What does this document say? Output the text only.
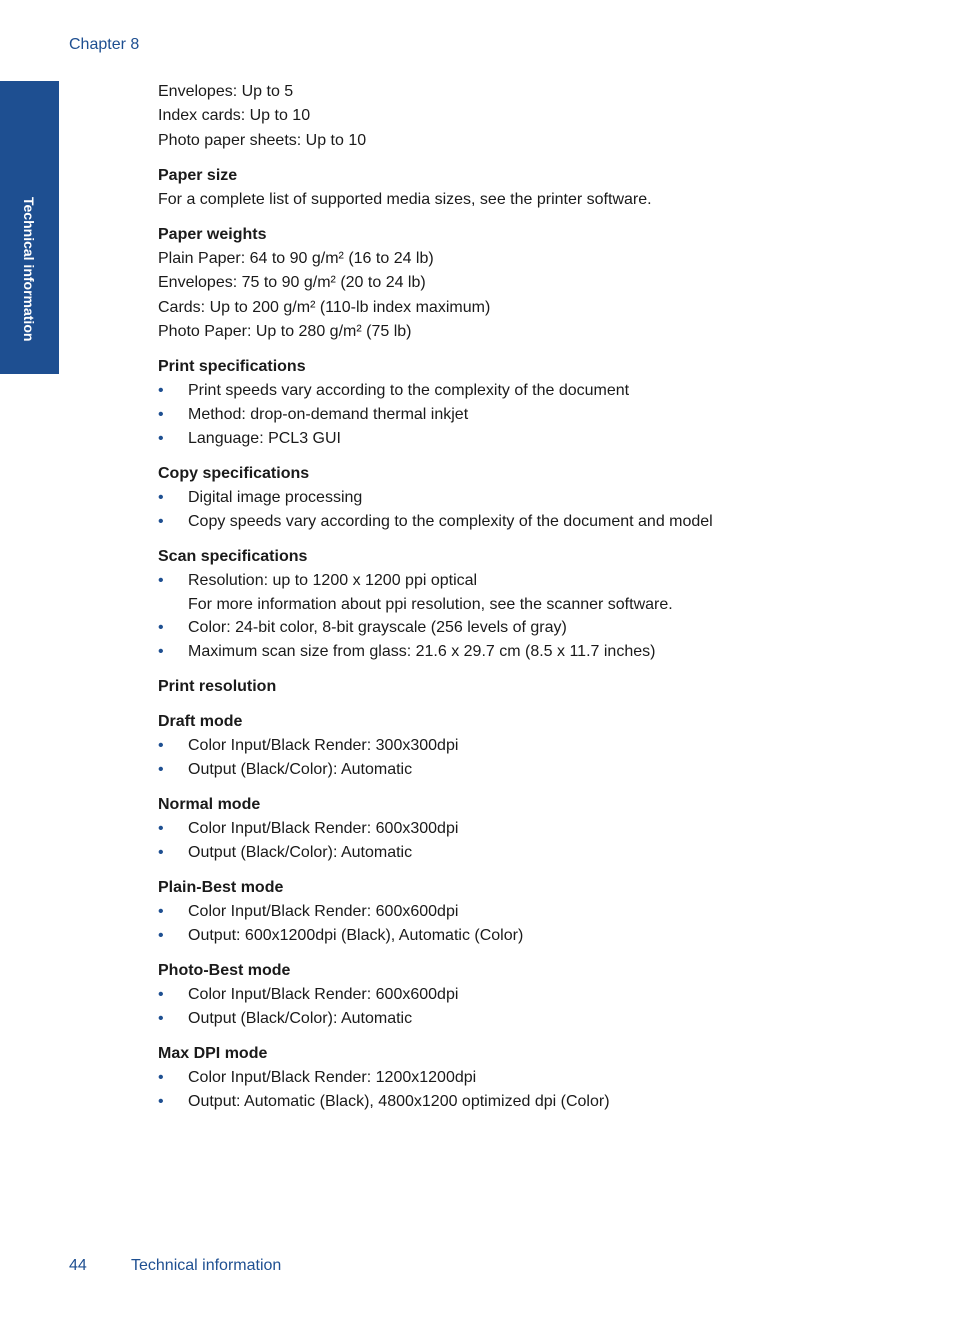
Chapter 8
Technical information

Envelopes: Up to 5

Index cards: Up to 10

Photo paper sheets: Up to 10

Paper size

For a complete list of supported media sizes, see the printer software.

Paper weights

Plain Paper: 64 to 90 g/m² (16 to 24 lb)

Envelopes: 75 to 90 g/m² (20 to 24 lb)

Cards: Up to 200 g/m² (110-lb index maximum)

Photo Paper: Up to 280 g/m² (75 lb)

Print specifications

• Print speeds vary according to the complexity of the document
• Method: drop-on-demand thermal inkjet
• Language: PCL3 GUI

Copy specifications

• Digital image processing
• Copy speeds vary according to the complexity of the document and model

Scan specifications

• Resolution: up to 1200 x 1200 ppi optical
For more information about ppi resolution, see the scanner software.
• Color: 24-bit color, 8-bit grayscale (256 levels of gray)
• Maximum scan size from glass: 21.6 x 29.7 cm (8.5 x 11.7 inches)

Print resolution

Draft mode

• Color Input/Black Render: 300x300dpi
• Output (Black/Color): Automatic

Normal mode

• Color Input/Black Render: 600x300dpi
• Output (Black/Color): Automatic

Plain-Best mode

• Color Input/Black Render: 600x600dpi
• Output: 600x1200dpi (Black), Automatic (Color)

Photo-Best mode

• Color Input/Black Render: 600x600dpi
• Output (Black/Color): Automatic

Max DPI mode

• Color Input/Black Render: 1200x1200dpi
• Output: Automatic (Black), 4800x1200 optimized dpi (Color)
44	Technical information
